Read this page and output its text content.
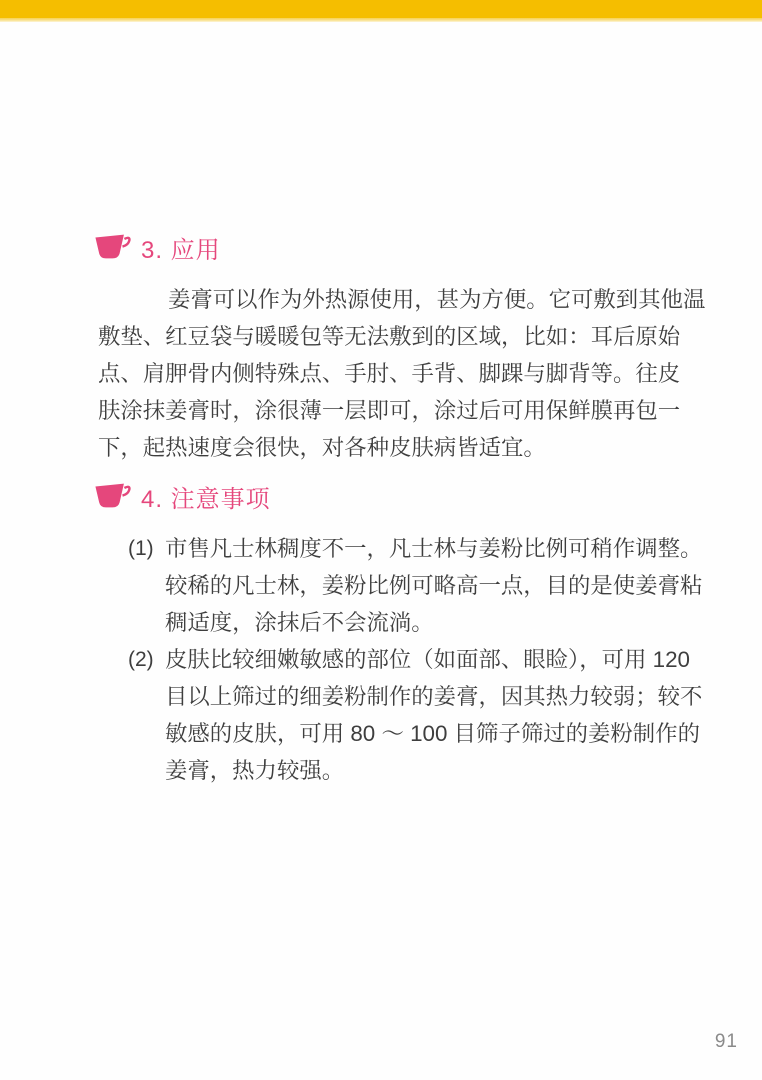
3. 应用
姜膏可以作为外热源使用，甚为方便。它可敷到其他温
敷垫、红豆袋与暖暖包等无法敷到的区域，比如：耳后原始
点、肩胛骨内侧特殊点、手肘、手背、脚踝与脚背等。往皮
肤涂抹姜膏时，涂很薄一层即可，涂过后可用保鲜膜再包一
下，起热速度会很快，对各种皮肤病皆适宜。
4. 注意事项
(1) 市售凡士林稠度不一，凡士林与姜粉比例可稍作调整。
较稀的凡士林，姜粉比例可略高一点，目的是使姜膏粘
稠适度，涂抹后不会流淌。
(2) 皮肤比较细嫩敏感的部位（如面部、眼睑），可用 120
目以上筛过的细姜粉制作的姜膏，因其热力较弱；较不
敏感的皮肤，可用 80 ～ 100 目筛子筛过的姜粉制作的
姜膏，热力较强。
91
